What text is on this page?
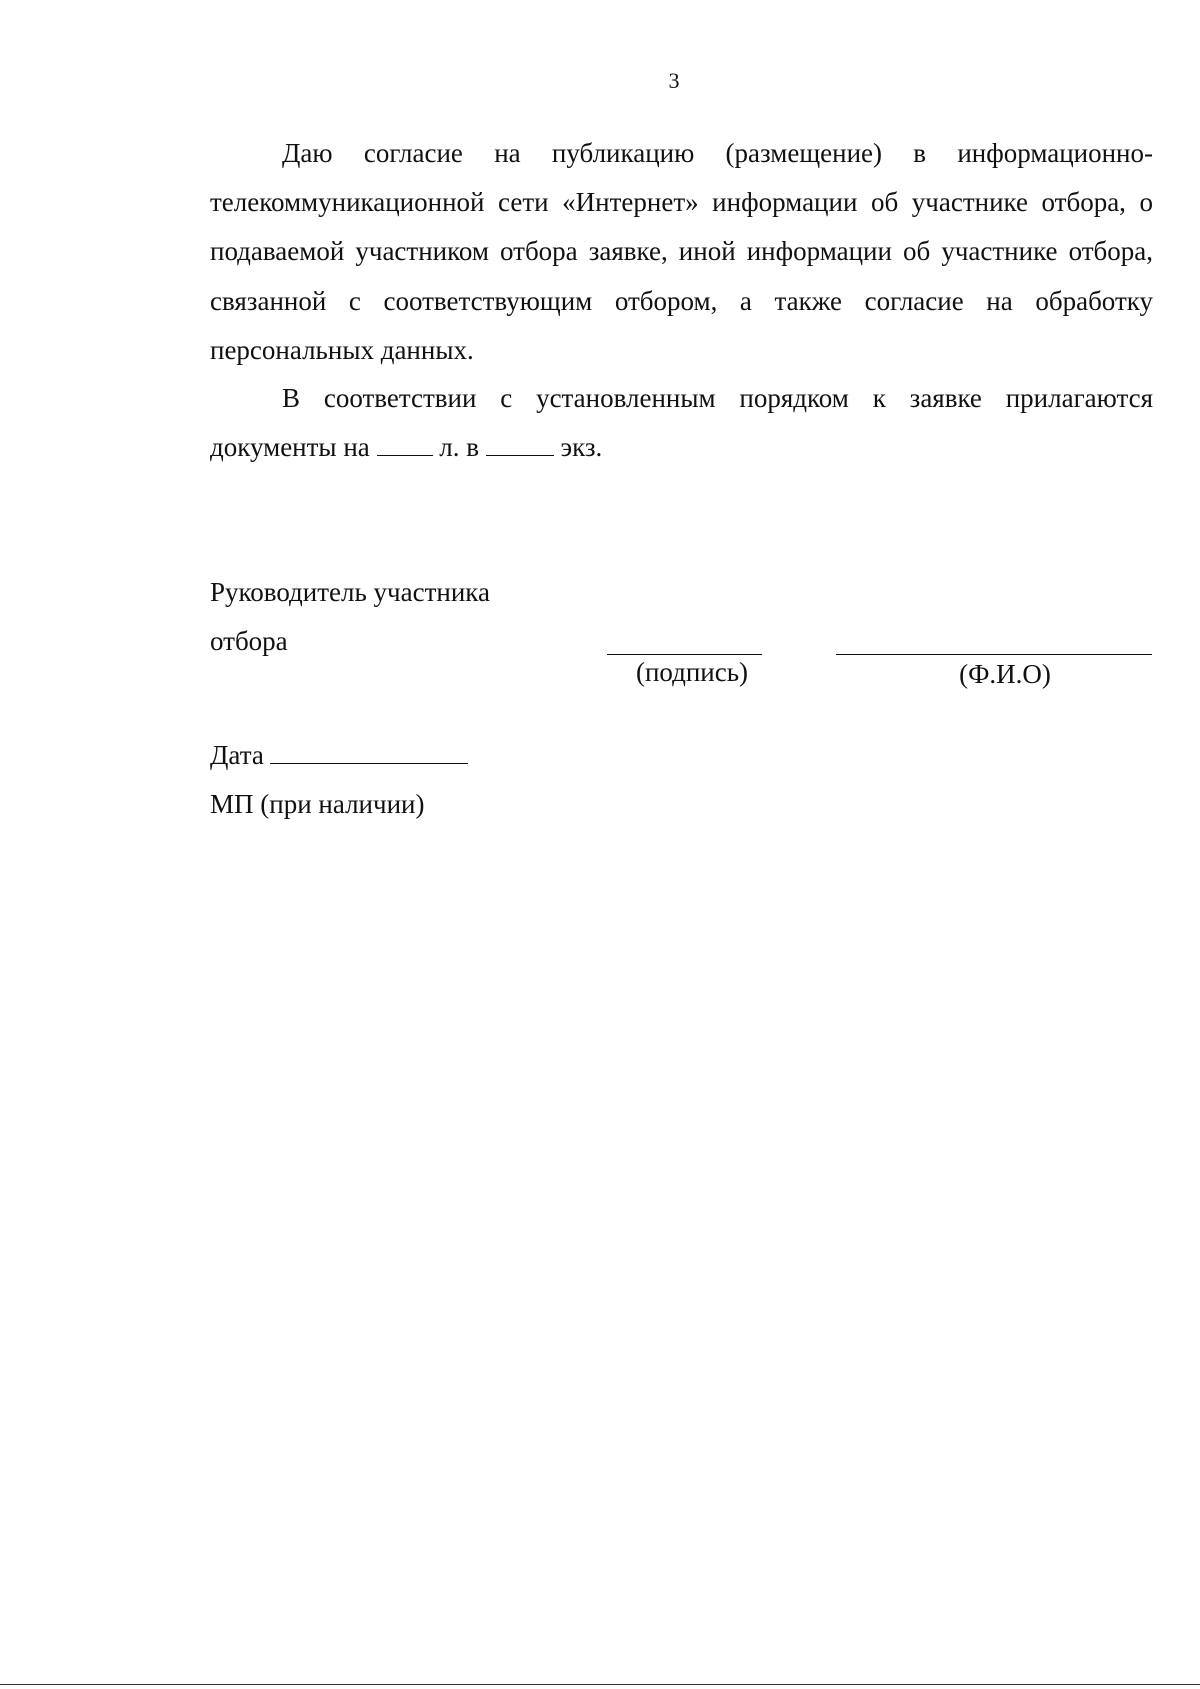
3

Даю согласие на публикацию (размещение) в информационно-телекоммуникационной сети «Интернет» информации об участнике отбора, о подаваемой участником отбора заявке, иной информации об участнике отбора, связанной с соответствующим отбором, а также согласие на обработку персональных данных.

В соответствии с установленным порядком к заявке прилагаются документы на	л. в	экз.

Руководитель участника
отбора
(подпись)	(Ф.И.О)
Дата
МП (при наличии)
